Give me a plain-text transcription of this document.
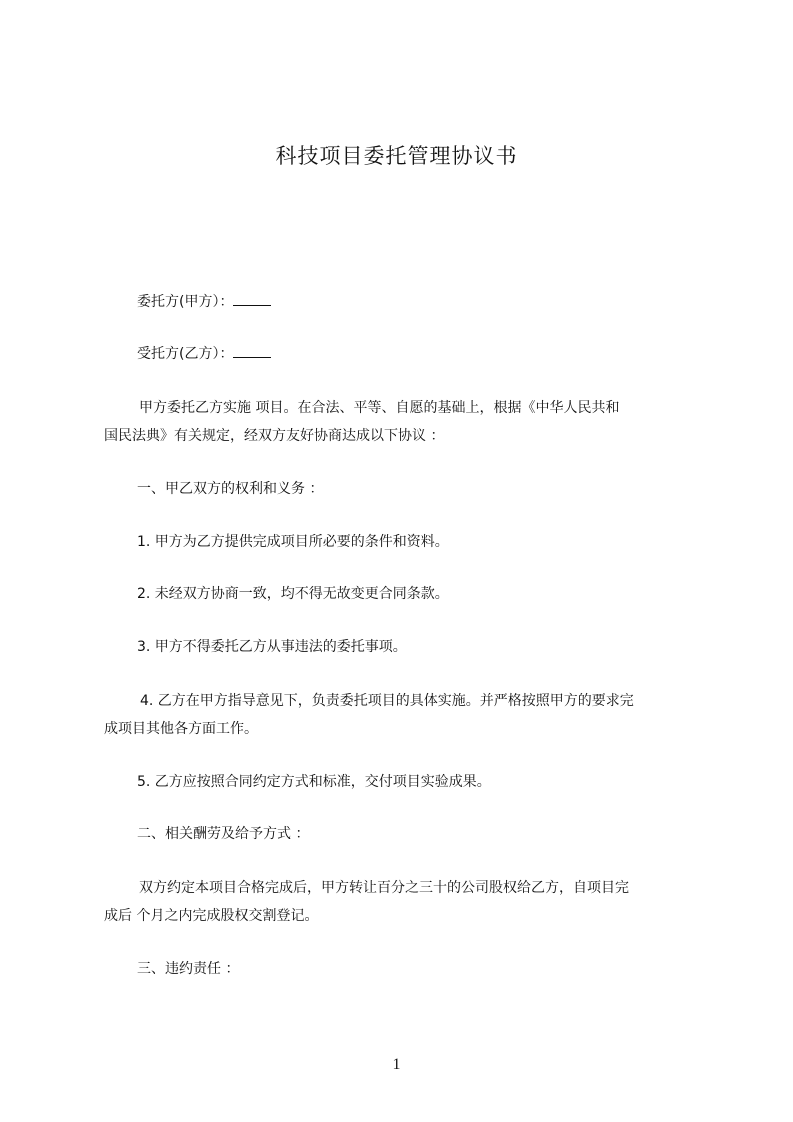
科技项目委托管理协议书
委托方(甲方）：
受托方(乙方）：
甲方委托乙方实施 项目。在合法、平等、自愿的基础上，根据《中华人民共和
国民法典》有关规定，经双方友好协商达成以下协议 ：
一、甲乙双方的权利和义务 ：
1. 甲方为乙方提供完成项目所必要的条件和资料。
2. 未经双方协商一致，均不得无故变更合同条款。
3. 甲方不得委托乙方从事违法的委托事项。
4. 乙方在甲方指导意见下，负责委托项目的具体实施。并严格按照甲方的要求完
成项目其他各方面工作。
5. 乙方应按照合同约定方式和标准，交付项目实验成果。
二、相关酬劳及给予方式 ：
双方约定本项目合格完成后，甲方转让百分之三十的公司股权给乙方，自项目完
成后 个月之内完成股权交割登记。
三、违约责任 ：
1
